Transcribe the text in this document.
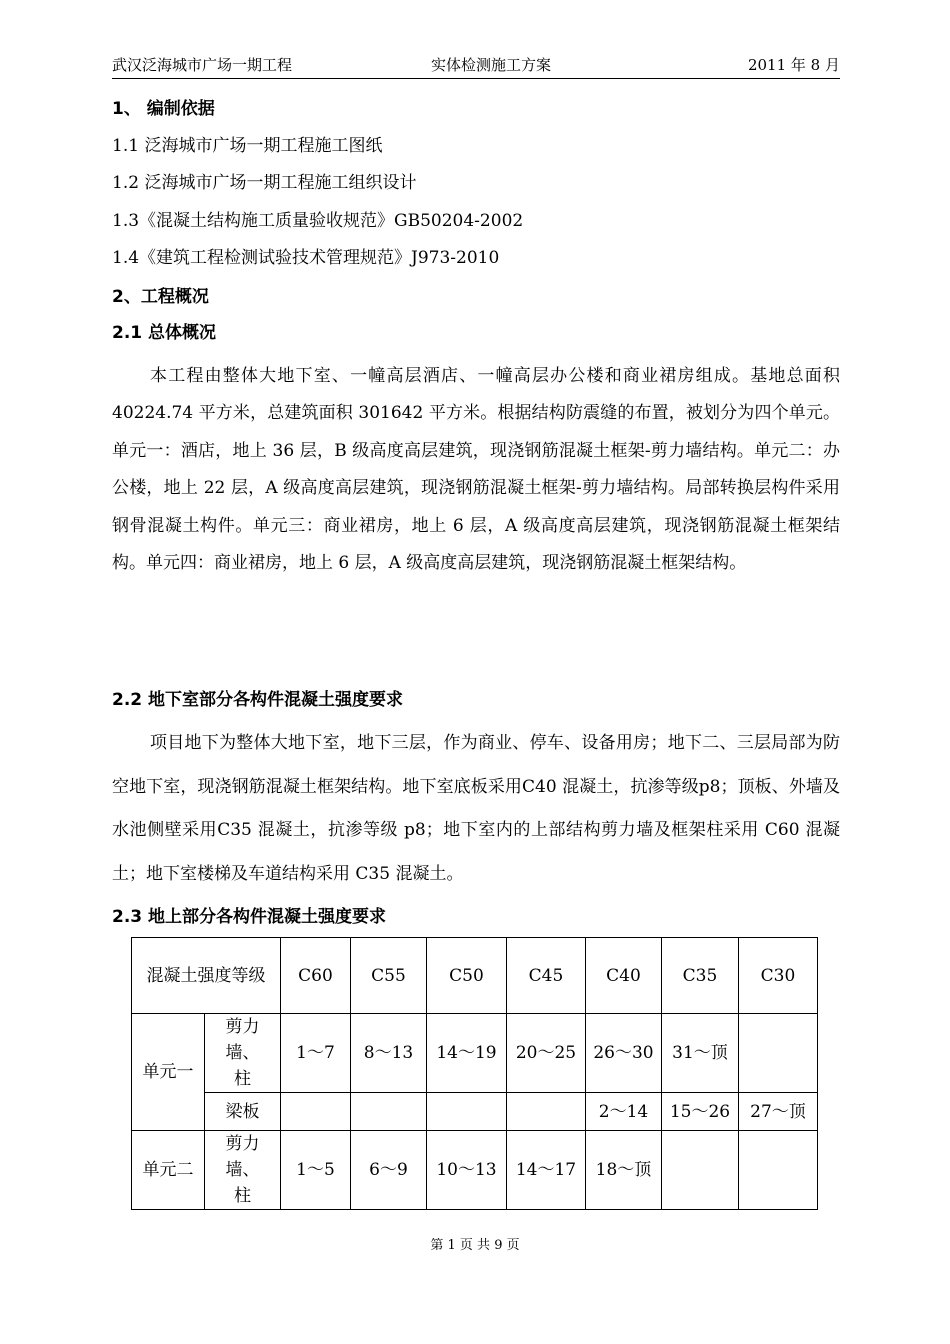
武汉泛海城市广场一期工程	实体检测施工方案	2011 年 8 月
1、 编制依据
1.1 泛海城市广场一期工程施工图纸
1.2 泛海城市广场一期工程施工组织设计
1.3《混凝土结构施工质量验收规范》GB50204-2002
1.4《建筑工程检测试验技术管理规范》J973-2010
2、工程概况
2.1 总体概况
本工程由整体大地下室、一幢高层酒店、一幢高层办公楼和商业裙房组成。基地总面积 40224.74 平方米，总建筑面积 301642 平方米。根据结构防震缝的布置，被划分为四个单元。单元一：酒店，地上 36 层，B 级高度高层建筑，现浇钢筋混凝土框架-剪力墙结构。单元二：办公楼，地上 22 层，A 级高度高层建筑，现浇钢筋混凝土框架-剪力墙结构。局部转换层构件采用钢骨混凝土构件。单元三：商业裙房，地上 6 层，A 级高度高层建筑，现浇钢筋混凝土框架结构。单元四：商业裙房，地上 6 层，A 级高度高层建筑，现浇钢筋混凝土框架结构。
2.2 地下室部分各构件混凝土强度要求
项目地下为整体大地下室，地下三层，作为商业、停车、设备用房；地下二、三层局部为防空地下室，现浇钢筋混凝土框架结构。地下室底板采用C40 混凝土，抗渗等级p8；顶板、外墙及水池侧壁采用C35 混凝土，抗渗等级 p8；地下室内的上部结构剪力墙及框架柱采用 C60 混凝土；地下室楼梯及车道结构采用 C35 混凝土。
2.3 地上部分各构件混凝土强度要求
混凝土强度等级		C60	C55	C50	C45	C40	C35	C30
单元一	剪力墙、柱	1～7	8～13	14～19	20～25	26～30	31～顶	
	梁板					2～14	15～26	27～顶
单元二	剪力墙、柱	1～5	6～9	10～13	14～17	18～顶		
第 1 页 共 9 页
